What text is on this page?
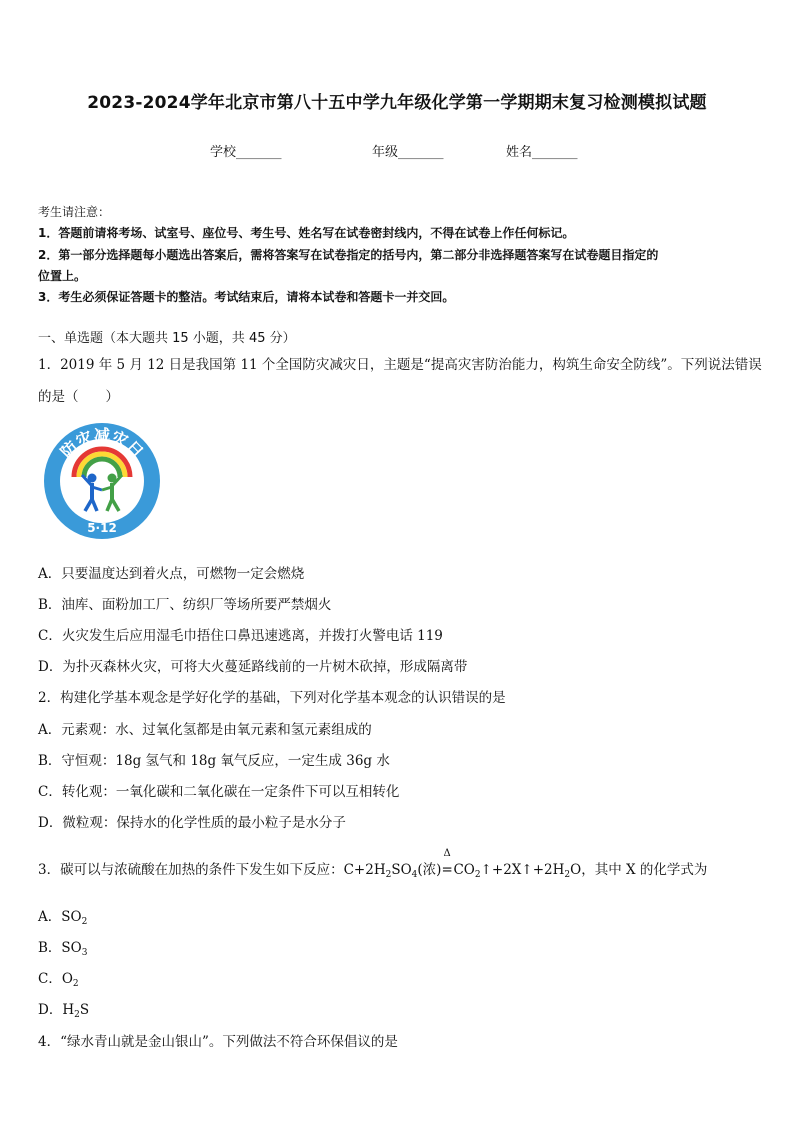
2023-2024学年北京市第八十五中学九年级化学第一学期期末复习检测模拟试题
学校_______	年级_______	姓名_______
考生请注意：
1．答题前请将考场、试室号、座位号、考生号、姓名写在试卷密封线内，不得在试卷上作任何标记。
2．第一部分选择题每小题选出答案后，需将答案写在试卷指定的括号内，第二部分非选择题答案写在试卷题目指定的
位置上。
3．考生必须保证答题卡的整洁。考试结束后，请将本试卷和答题卡一并交回。
一、单选题（本大题共 15 小题，共 45 分）
1．2019 年 5 月 12 日是我国第 11 个全国防灾减灾日，主题是“提高灾害防治能力，构筑生命安全防线”。下列说法错误
的是（　　）
防灾减灾日
5·12
A．只要温度达到着火点，可燃物一定会燃烧
B．油库、面粉加工厂、纺织厂等场所要严禁烟火
C．火灾发生后应用湿毛巾捂住口鼻迅速逃离，并拨打火警电话 119
D．为扑灭森林火灾，可将大火蔓延路线前的一片树木砍掉，形成隔离带
2．构建化学基本观念是学好化学的基础，下列对化学基本观念的认识错误的是
A．元素观：水、过氧化氢都是由氧元素和氢元素组成的
B．守恒观：18g 氢气和 18g 氧气反应，一定生成 36g 水
C．转化观：一氧化碳和二氧化碳在一定条件下可以互相转化
D．微粒观：保持水的化学性质的最小粒子是水分子
3．碳可以与浓硫酸在加热的条件下发生如下反应：$C+2H_2SO_4$(浓)
Δ
$=CO_2↑+2X↑+2H_2O$，其中 X 的化学式为
A．$SO_2$
B．$SO_3$
C．$O_2$
D．$H_2S$
4．“绿水青山就是金山银山”。下列做法不符合环保倡议的是
